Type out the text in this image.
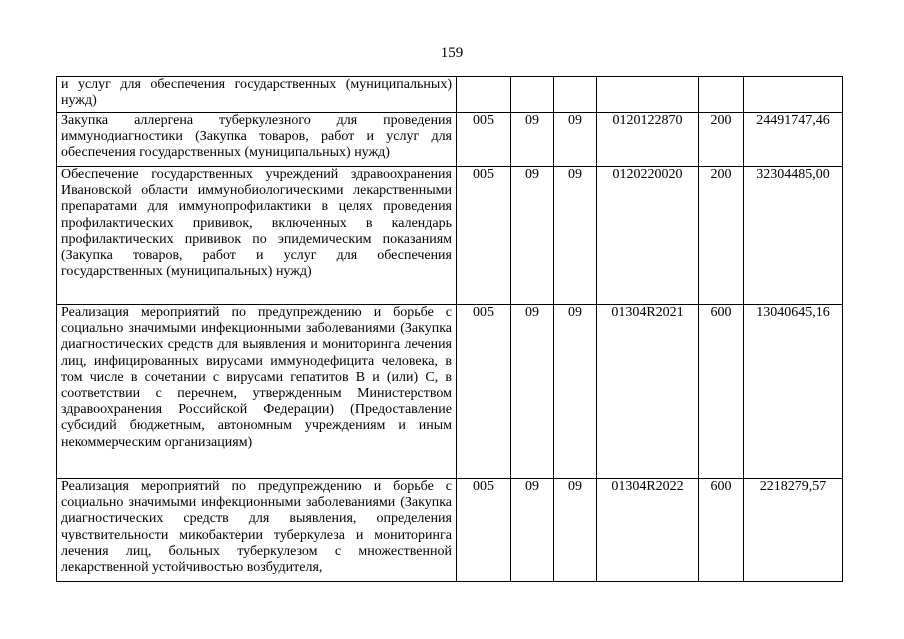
159
и услуг для обеспечения государственных (муниципальных) нужд)						
Закупка аллергена туберкулезного для проведения иммунодиагностики (Закупка товаров, работ и услуг для обеспечения государственных (муниципальных) нужд)	005	09	09	0120122870	200	24491747,46
Обеспечение государственных учреждений здравоохранения Ивановской области иммунобиологическими лекарственными препаратами для иммунопрофилактики в целях проведения профилактических прививок, включенных в календарь профилактических прививок по эпидемическим показаниям (Закупка товаров, работ и услуг для обеспечения государственных (муниципальных) нужд)	005	09	09	0120220020	200	32304485,00
Реализация мероприятий по предупреждению и борьбе с социально значимыми инфекционными заболеваниями (Закупка диагностических средств для выявления и мониторинга лечения лиц, инфицированных вирусами иммунодефицита человека, в том числе в сочетании с вирусами гепатитов B и (или) C, в соответствии с перечнем, утвержденным Министерством здравоохранения Российской Федерации) (Предоставление субсидий бюджетным, автономным учреждениям и иным некоммерческим организациям)	005	09	09	01304R2021	600	13040645,16
Реализация мероприятий по предупреждению и борьбе с социально значимыми инфекционными заболеваниями (Закупка диагностических средств для выявления, определения чувствительности микобактерии туберкулеза и мониторинга лечения лиц, больных туберкулезом с множественной лекарственной устойчивостью возбудителя,	005	09	09	01304R2022	600	2218279,57
